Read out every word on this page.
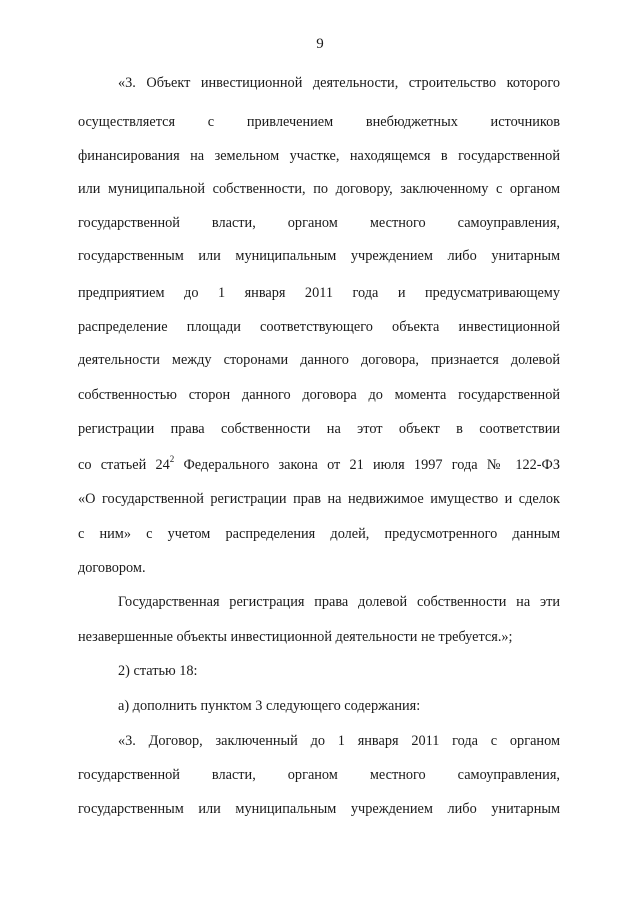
9
«3. Объект инвестиционной деятельности, строительство которого
осуществляется с привлечением внебюджетных источников
финансирования на земельном участке, находящемся в государственной
или муниципальной собственности, по договору, заключенному с органом
государственной власти, органом местного самоуправления,
государственным или муниципальным учреждением либо унитарным
предприятием до 1 января 2011 года и предусматривающему
распределение площади соответствующего объекта инвестиционной
деятельности между сторонами данного договора, признается долевой
собственностью сторон данного договора до момента государственной
регистрации права собственности на этот объект в соответствии
со статьей $24^2$ Федерального закона от 21 июля 1997 года № 122-ФЗ
«О государственной регистрации прав на недвижимое имущество и сделок
с ним» с учетом распределения долей, предусмотренного данным
договором.
Государственная регистрация права долевой собственности на эти
незавершенные объекты инвестиционной деятельности не требуется.»;
2) статью 18:
а) дополнить пунктом 3 следующего содержания:
«3. Договор, заключенный до 1 января 2011 года с органом
государственной власти, органом местного самоуправления,
государственным или муниципальным учреждением либо унитарным
